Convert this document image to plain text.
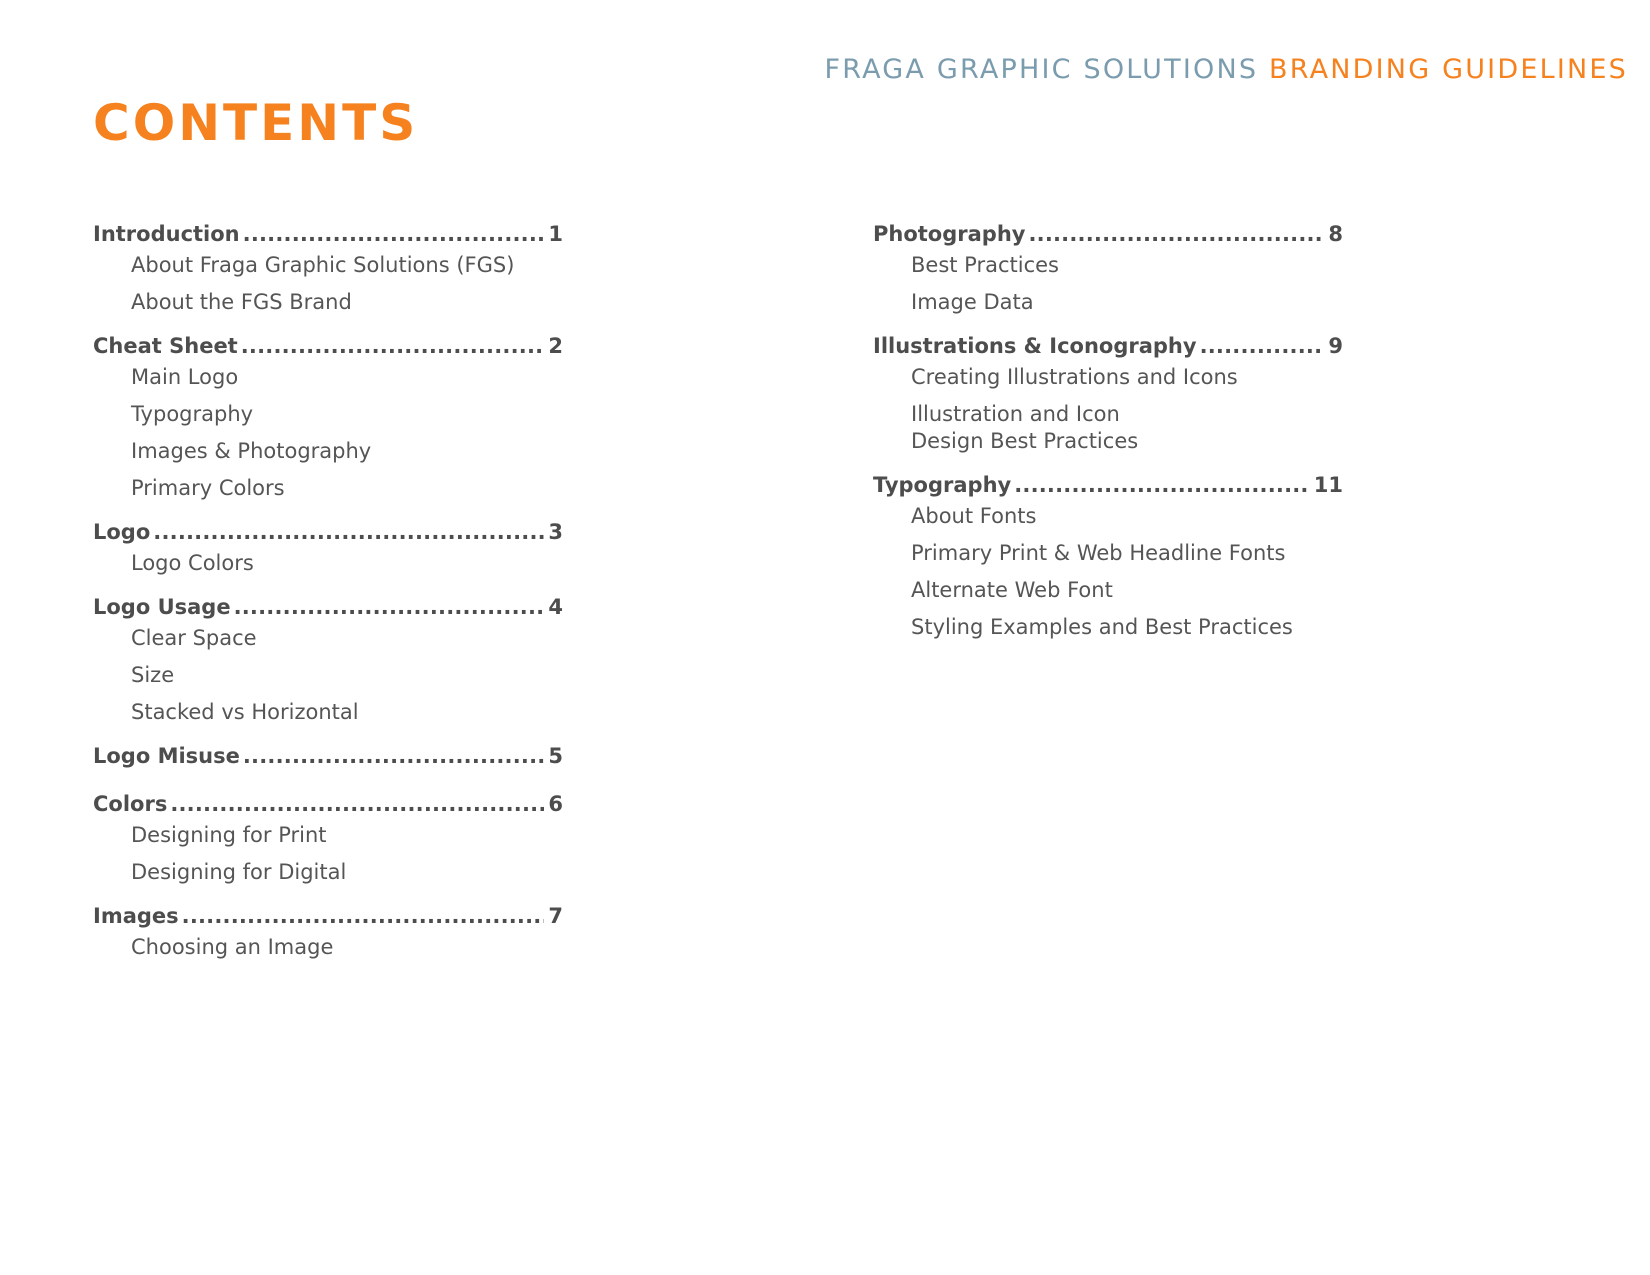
FRAGA GRAPHIC SOLUTIONS BRANDING GUIDELINES
CONTENTS
Introduction .....	1
About Fraga Graphic Solutions (FGS)
About the FGS Brand
Cheat Sheet .....	2
Main Logo
Typography
Images & Photography
Primary Colors
Logo .....	3
Logo Colors
Logo Usage .....	4
Clear Space
Size
Stacked vs Horizontal
Logo Misuse .....	5
Colors .....	6
Designing for Print
Designing for Digital
Images .....	7
Choosing an Image
Photography .....	8
Best Practices
Image Data
Illustrations & Iconography .....	9
Creating Illustrations and Icons
Illustration and Icon
Design Best Practices
Typography .....	11
About Fonts
Primary Print & Web Headline Fonts
Alternate Web Font
Styling Examples and Best Practices
